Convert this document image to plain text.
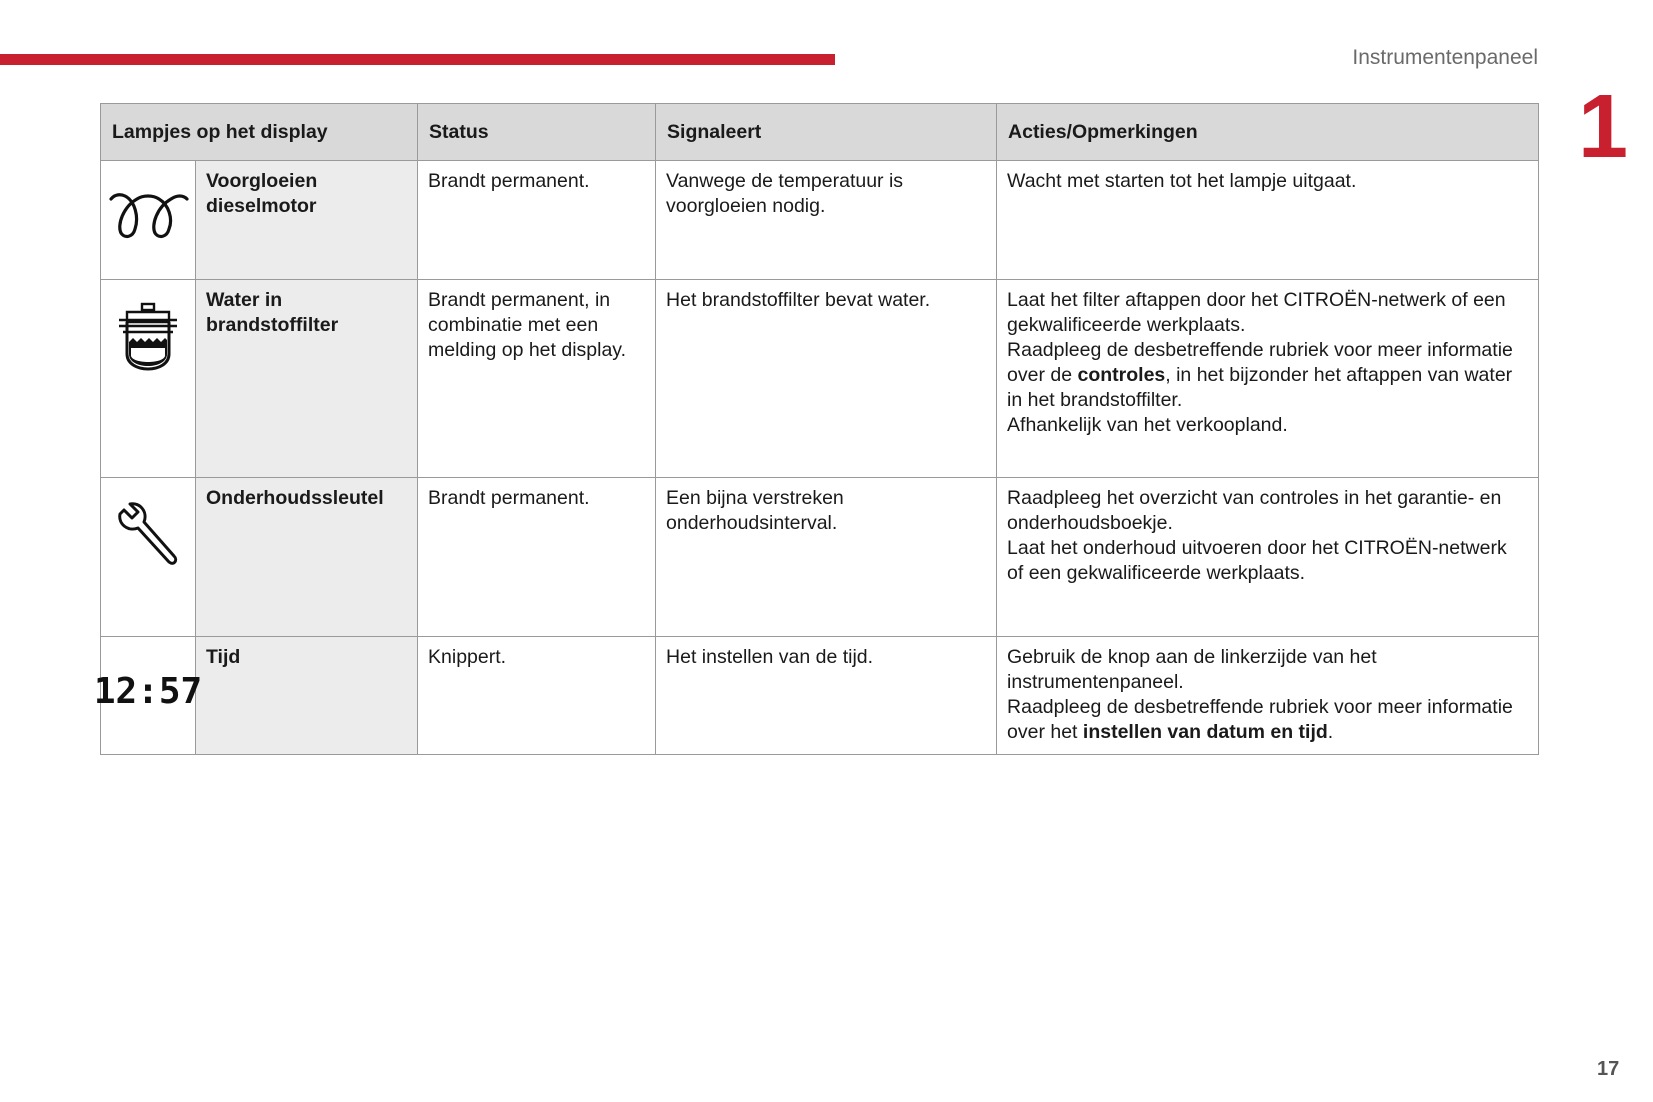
Instrumentenpaneel
1
Lampjes op het display		Status	Signaleert	Acties/Opmerkingen

	Voorgloeien dieselmotor	Brandt permanent.	Vanwege de temperatuur is voorgloeien nodig.	Wacht met starten tot het lampje uitgaat.

	Water in brandstoffilter	Brandt permanent, in combinatie met een melding op het display.	Het brandstoffilter bevat water.	Laat het filter aftappen door het CITROËN-netwerk of een gekwalificeerde werkplaats.
Raadpleeg de desbetreffende rubriek voor meer informatie over de controles, in het bijzonder het aftappen van water in het brandstoffilter.
Afhankelijk van het verkoopland.

	Onderhoudssleutel	Brandt permanent.	Een bijna verstreken onderhoudsinterval.	Raadpleeg het overzicht van controles in het garantie- en onderhoudsboekje.
Laat het onderhoud uitvoeren door het CITROËN-netwerk of een gekwalificeerde werkplaats.

12:57	Tijd	Knippert.	Het instellen van de tijd.	Gebruik de knop aan de linkerzijde van het instrumentenpaneel.
Raadpleeg de desbetreffende rubriek voor meer informatie over het instellen van datum en tijd.
17
